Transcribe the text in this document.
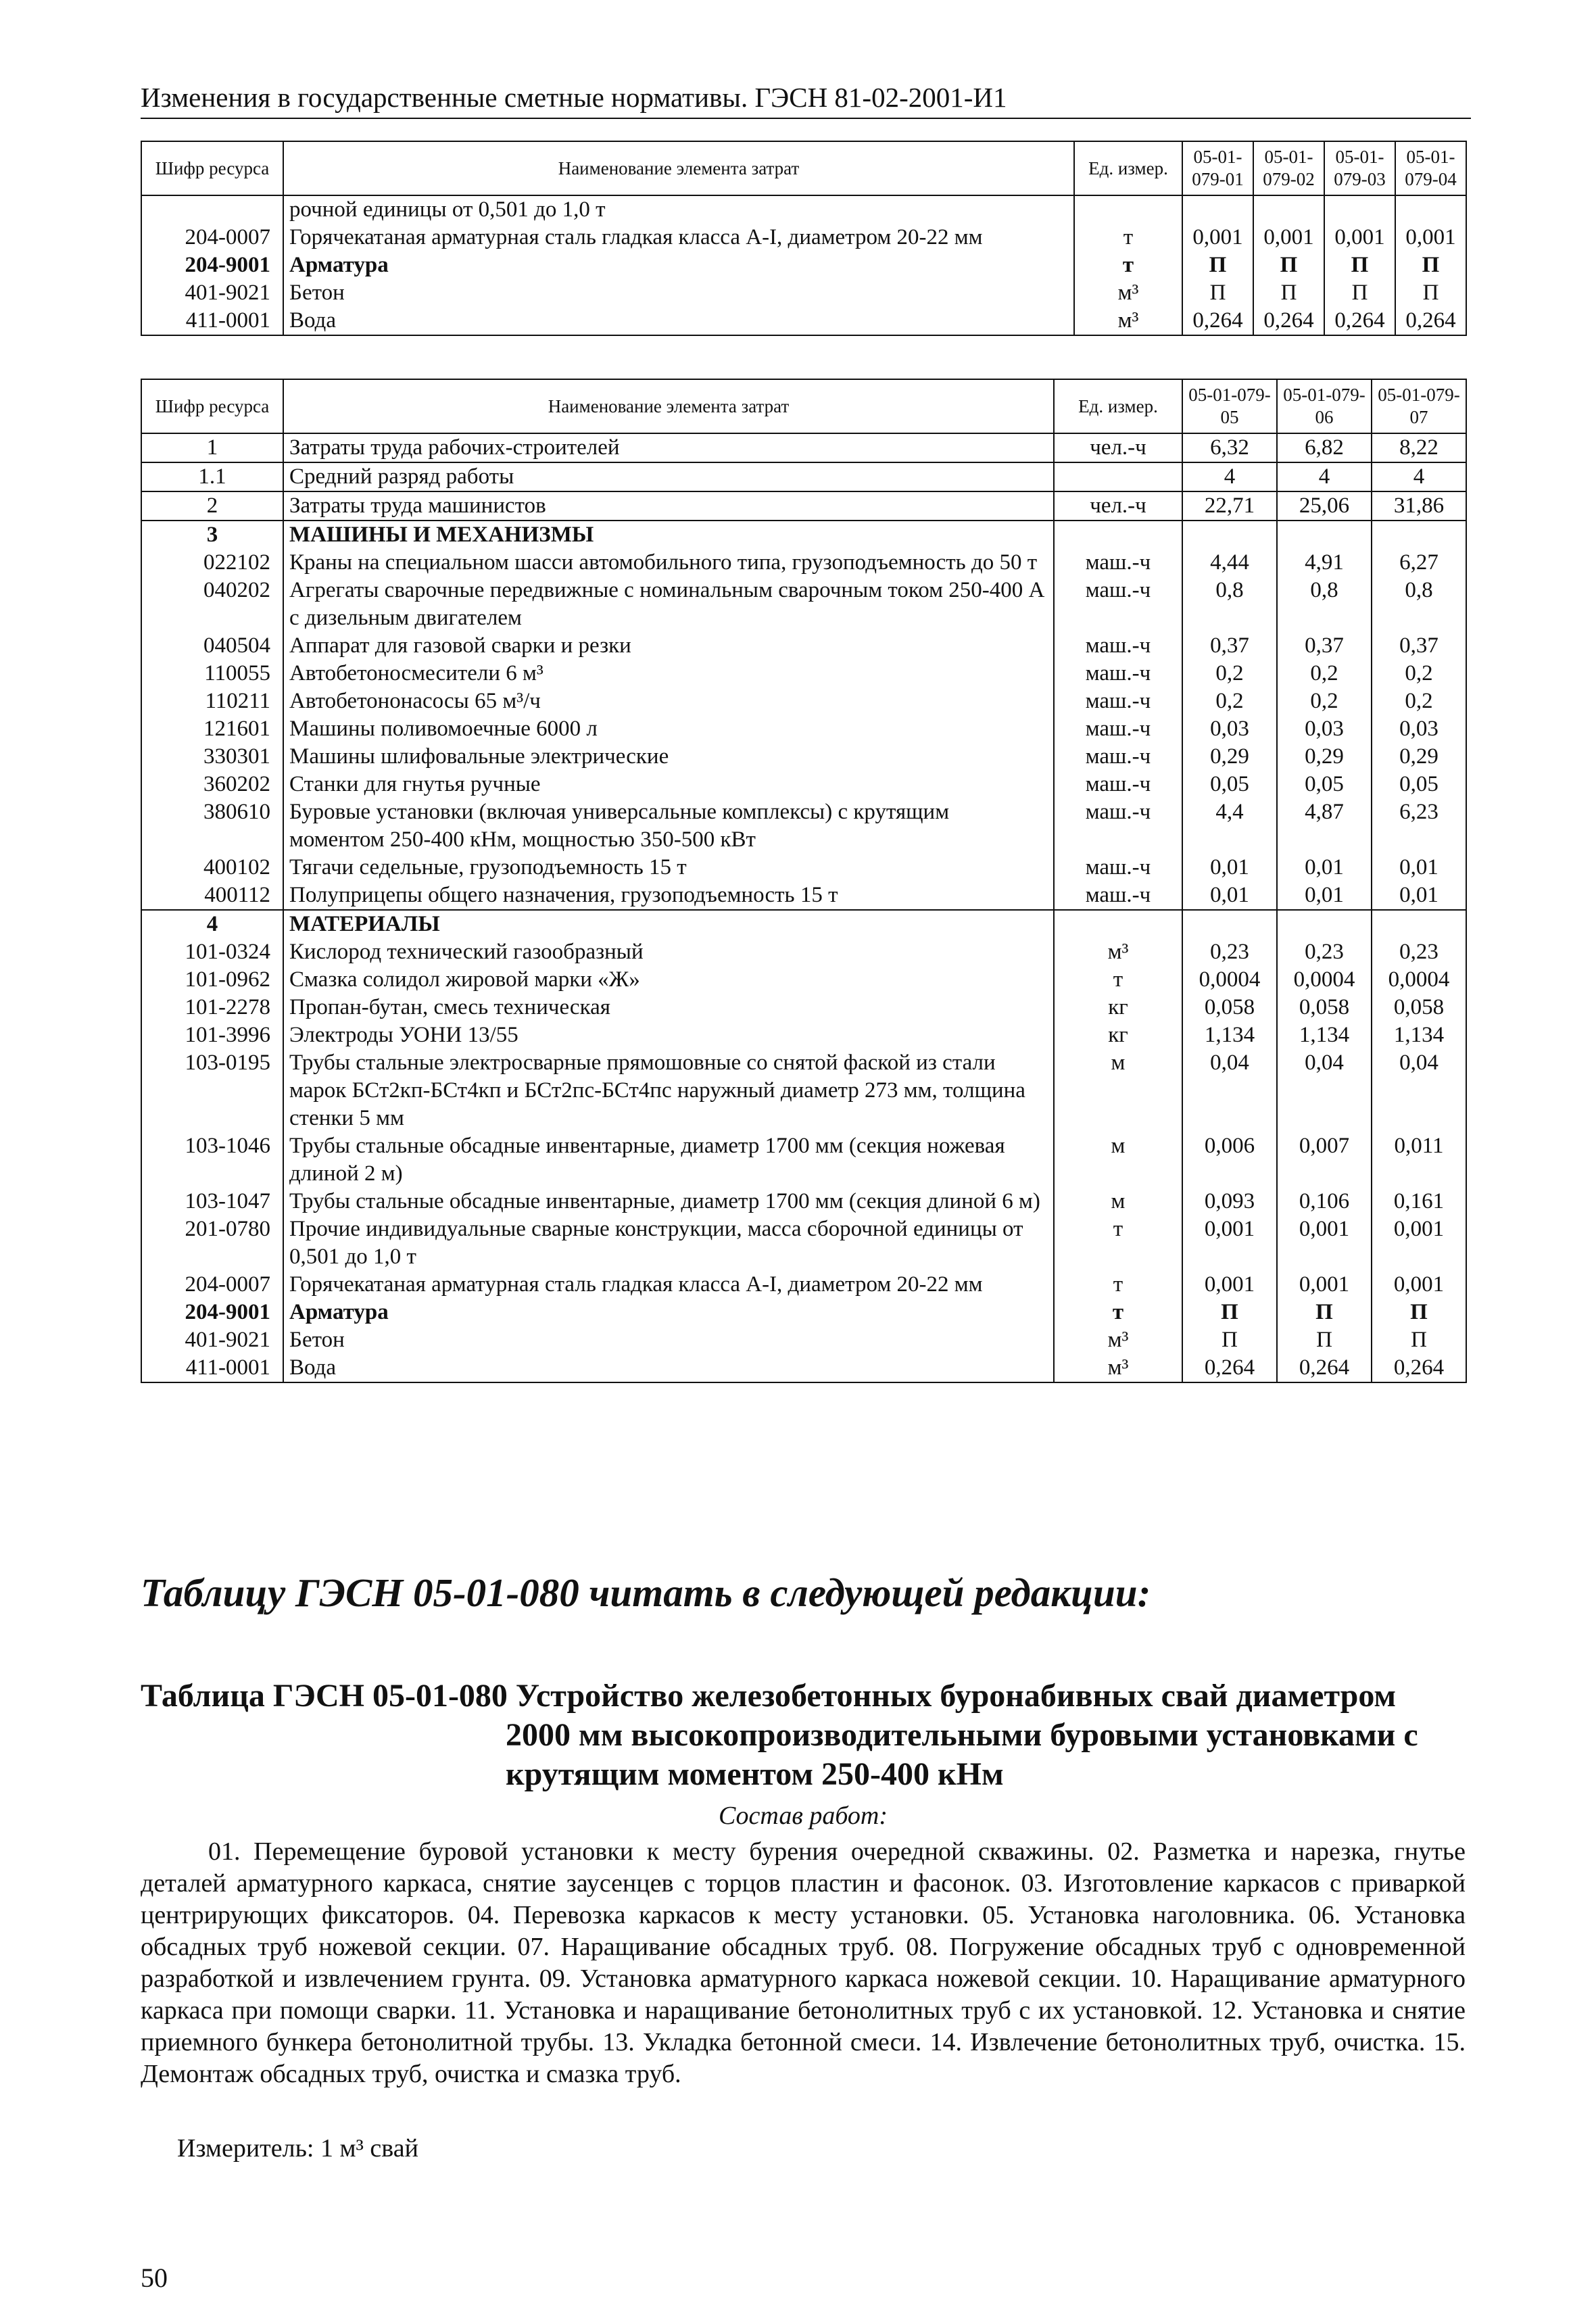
Изменения в государственные сметные нормативы. ГЭСН 81-02-2001-И1
Шифр ресурса	Наименование элемента затрат	Ед. измер.	05-01-079-01	05-01-079-02	05-01-079-03	05-01-079-04
	рочной единицы от 0,501 до 1,0 т					
204-0007	Горячекатаная арматурная сталь гладкая класса А-I, диаметром 20-22 мм	т	0,001	0,001	0,001	0,001
204-9001	Арматура	т	П	П	П	П
401-9021	Бетон	м³	П	П	П	П
411-0001	Вода	м³	0,264	0,264	0,264	0,264
Шифр ресурса	Наименование элемента затрат	Ед. измер.	05-01-079-05	05-01-079-06	05-01-079-07
1	Затраты труда рабочих-строителей	чел.-ч	6,32	6,82	8,22
1.1	Средний разряд работы		4	4	4
2	Затраты труда машинистов	чел.-ч	22,71	25,06	31,86
3	МАШИНЫ И МЕХАНИЗМЫ				
022102	Краны на специальном шасси автомобильного типа, грузоподъемность до 50 т	маш.-ч	4,44	4,91	6,27
040202	Агрегаты сварочные передвижные с номинальным сварочным током 250-400 А с дизельным двигателем	маш.-ч	0,8	0,8	0,8
040504	Аппарат для газовой сварки и резки	маш.-ч	0,37	0,37	0,37
110055	Автобетоносмесители 6 м³	маш.-ч	0,2	0,2	0,2
110211	Автобетононасосы 65 м³/ч	маш.-ч	0,2	0,2	0,2
121601	Машины поливомоечные 6000 л	маш.-ч	0,03	0,03	0,03
330301	Машины шлифовальные электрические	маш.-ч	0,29	0,29	0,29
360202	Станки для гнутья ручные	маш.-ч	0,05	0,05	0,05
380610	Буровые установки (включая универсальные комплексы) с крутящим моментом 250-400 кНм, мощностью 350-500 кВт	маш.-ч	4,4	4,87	6,23
400102	Тягачи седельные, грузоподъемность 15 т	маш.-ч	0,01	0,01	0,01
400112	Полуприцепы общего назначения, грузоподъемность 15 т	маш.-ч	0,01	0,01	0,01
4	МАТЕРИАЛЫ				
101-0324	Кислород технический газообразный	м³	0,23	0,23	0,23
101-0962	Смазка солидол жировой марки «Ж»	т	0,0004	0,0004	0,0004
101-2278	Пропан-бутан, смесь техническая	кг	0,058	0,058	0,058
101-3996	Электроды УОНИ 13/55	кг	1,134	1,134	1,134
103-0195	Трубы стальные электросварные прямошовные со снятой фаской из стали марок БСт2кп-БСт4кп и БСт2пс-БСт4пс наружный диаметр 273 мм, толщина стенки 5 мм	м	0,04	0,04	0,04
103-1046	Трубы стальные обсадные инвентарные, диаметр 1700 мм (секция ножевая длиной 2 м)	м	0,006	0,007	0,011
103-1047	Трубы стальные обсадные инвентарные, диаметр 1700 мм (секция длиной 6 м)	м	0,093	0,106	0,161
201-0780	Прочие индивидуальные сварные конструкции, масса сборочной единицы от 0,501 до 1,0 т	т	0,001	0,001	0,001
204-0007	Горячекатаная арматурная сталь гладкая класса А-I, диаметром 20-22 мм	т	0,001	0,001	0,001
204-9001	Арматура	т	П	П	П
401-9021	Бетон	м³	П	П	П
411-0001	Вода	м³	0,264	0,264	0,264
Таблицу ГЭСН 05-01-080 читать в следующей редакции:
Таблица ГЭСН 05-01-080 Устройство железобетонных буронабивных свай диаметром
2000 мм высокопроизводительными буровыми установками с
крутящим моментом 250-400 кНм
Состав работ:
01. Перемещение буровой установки к месту бурения очередной скважины. 02. Разметка и нарезка, гнутье деталей арматурного каркаса, снятие заусенцев с торцов пластин и фасонок. 03. Изготовление каркасов с приваркой центрирующих фиксаторов. 04. Перевозка каркасов к месту установки. 05. Установка наголовника. 06. Установка обсадных труб ножевой секции. 07. Наращивание обсадных труб. 08. Погружение обсадных труб с одновременной разработкой и извлечением грунта. 09. Установка арматурного каркаса ножевой секции. 10. Наращивание арматурного каркаса при помощи сварки. 11. Установка и наращивание бетонолитных труб с их установкой. 12. Установка и снятие приемного бункера бетонолитной трубы. 13. Укладка бетонной смеси. 14. Извлечение бетонолитных труб, очистка. 15. Демонтаж обсадных труб, очистка и смазка труб.
Измеритель: 1 м³ свай
50
